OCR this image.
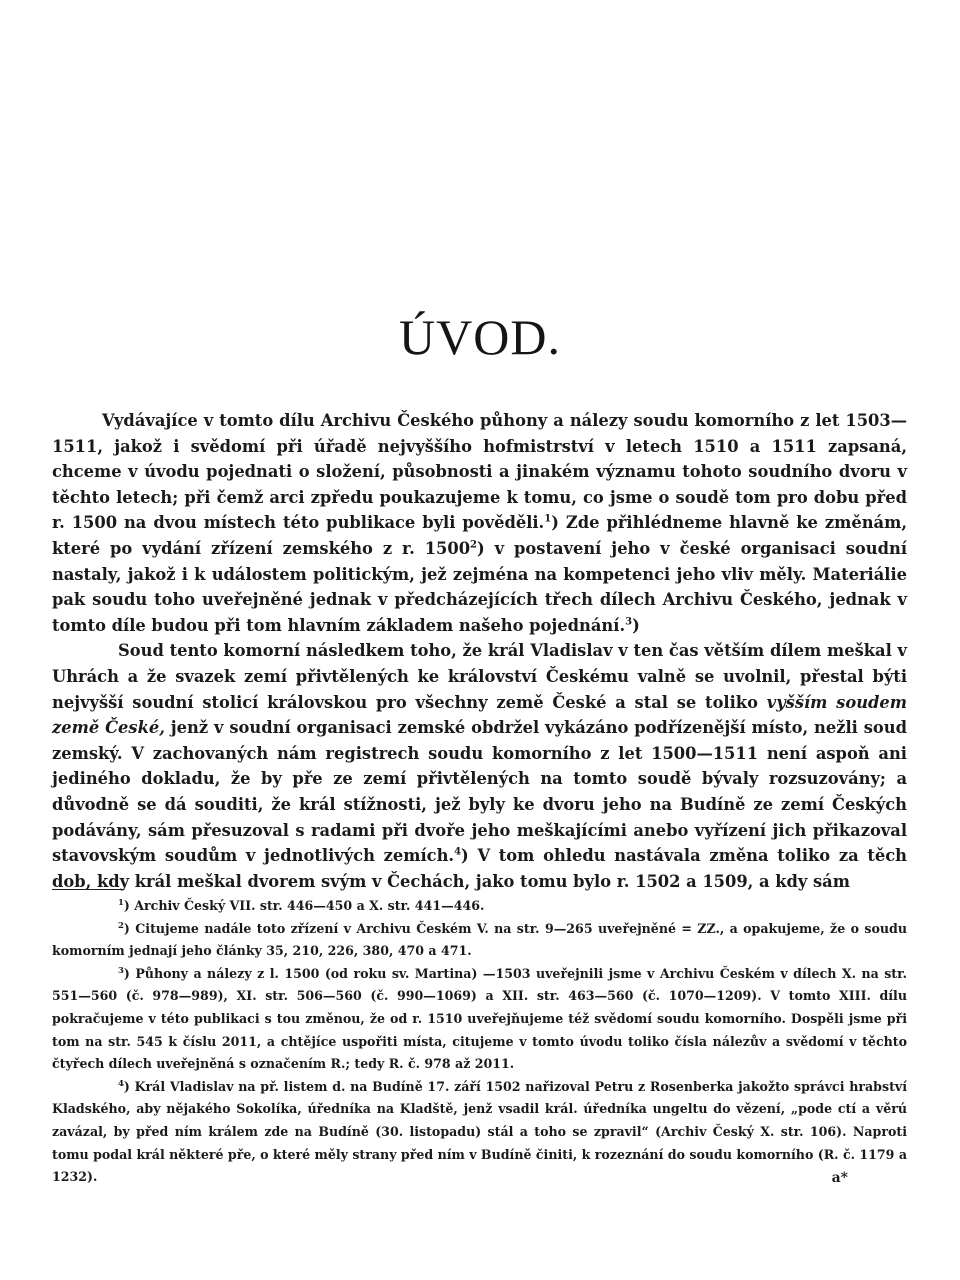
ÚVOD.

Vydávajíce v tomto dílu Archivu Českého půhony a nálezy soudu komorního z let 1503—1511, jakož i svědomí při úřadě nejvyššího hofmistrství v letech 1510 a 1511 zapsaná, chceme v úvodu pojednati o složení, působnosti a jinakém významu tohoto soudního dvoru v těchto letech; při čemž arci zpředu poukazujeme k tomu, co jsme o soudě tom pro dobu před r. 1500 na dvou místech této publikace byli pověděli.$^1$) Zde přihlédneme hlavně ke změnám, které po vydání zřízení zemského z r. 1500$^2$) v postavení jeho v české organisaci soudní nastaly, jakož i k událostem politickým, jež zejména na kompetenci jeho vliv měly. Materiálie pak soudu toho uveřejněné jednak v předcházejících třech dílech Archivu Českého, jednak v tomto díle budou při tom hlavním základem našeho pojednání.$^3$)

Soud tento komorní následkem toho, že král Vladislav v ten čas větším dílem meškal v Uhrách a že svazek zemí přivtělených ke království Českému valně se uvolnil, přestal býti nejvyšší soudní stolicí královskou pro všechny země České a stal se toliko vyšším soudem země České, jenž v soudní organisaci zemské obdržel vykázáno podřízenější místo, nežli soud zemský. V zachovaných nám registrech soudu komorního z let 1500—1511 není aspoň ani jediného dokladu, že by pře ze zemí přivtělených na tomto soudě bývaly rozsuzovány; a důvodně se dá souditi, že král stížnosti, jež byly ke dvoru jeho na Budíně ze zemí Českých podávány, sám přesuzoval s radami při dvoře jeho meškajícími anebo vyřízení jich přikazoval stavovským soudům v jednotlivých zemích.$^4$) V tom ohledu nastávala změna toliko za těch dob, kdy král meškal dvorem svým v Čechách, jako tomu bylo r. 1502 a 1509, a kdy sám

$^1$) Archiv Český VII. str. 446—450 a X. str. 441—446.

$^2$) Citujeme nadále toto zřízení v Archivu Českém V. na str. 9—265 uveřejněné = ZZ., a opakujeme, že o soudu komorním jednají jeho články 35, 210, 226, 380, 470 a 471.

$^3$) Půhony a nálezy z l. 1500 (od roku sv. Martina) —1503 uveřejnili jsme v Archivu Českém v dílech X. na str. 551—560 (č. 978—989), XI. str. 506—560 (č. 990—1069) a XII. str. 463—560 (č. 1070—1209). V tomto XIII. dílu pokračujeme v této publikaci s tou změnou, že od r. 1510 uveřejňujeme též svědomí soudu komorního. Dospěli jsme při tom na str. 545 k číslu 2011, a chtějíce uspořiti místa, citujeme v tomto úvodu toliko čísla nálezův a svědomí v těchto čtyřech dílech uveřejněná s označením R.; tedy R. č. 978 až 2011.

$^4$) Král Vladislav na př. listem d. na Budíně 17. září 1502 nařizoval Petru z Rosenberka jakožto správci hrabství Kladského, aby nějakého Sokolíka, úředníka na Kladště, jenž vsadil král. úředníka ungeltu do vězení, „pode ctí a věrú zavázal, by před ním králem zde na Budíně (30. listopadu) stál a toho se zpravil“ (Archiv Český X. str. 106). Naproti tomu podal král některé pře, o které měly strany před ním v Budíně činiti, k rozeznání do soudu komorního (R. č. 1179 a 1232).	a*
